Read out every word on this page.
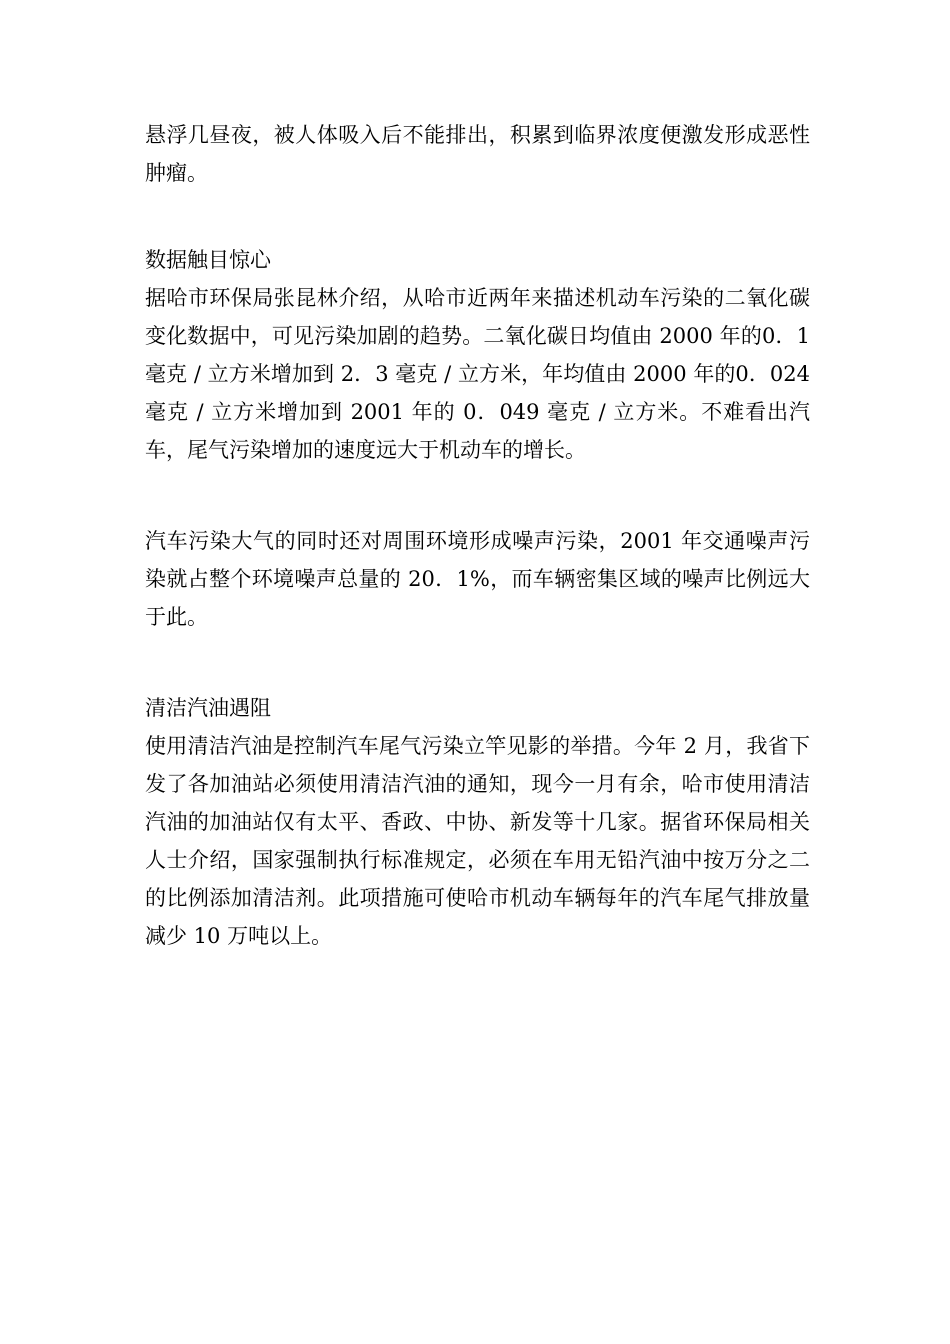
悬浮几昼夜，被人体吸入后不能排出，积累到临界浓度便激发形成恶性肿瘤。

数据触目惊心

据哈市环保局张昆林介绍，从哈市近两年来描述机动车污染的二氧化碳变化数据中，可见污染加剧的趋势。二氧化碳日均值由 2000 年的0．1 毫克 / 立方米增加到 2．3 毫克 / 立方米，年均值由 2000 年的0．024 毫克 / 立方米增加到 2001 年的 0．049 毫克 / 立方米。不难看出汽车，尾气污染增加的速度远大于机动车的增长。

汽车污染大气的同时还对周围环境形成噪声污染，2001 年交通噪声污染就占整个环境噪声总量的 20．1%，而车辆密集区域的噪声比例远大于此。

清洁汽油遇阻

使用清洁汽油是控制汽车尾气污染立竿见影的举措。今年 2 月，我省下发了各加油站必须使用清洁汽油的通知，现今一月有余，哈市使用清洁汽油的加油站仅有太平、香政、中协、新发等十几家。据省环保局相关人士介绍，国家强制执行标准规定，必须在车用无铅汽油中按万分之二的比例添加清洁剂。此项措施可使哈市机动车辆每年的汽车尾气排放量减少 10 万吨以上。
